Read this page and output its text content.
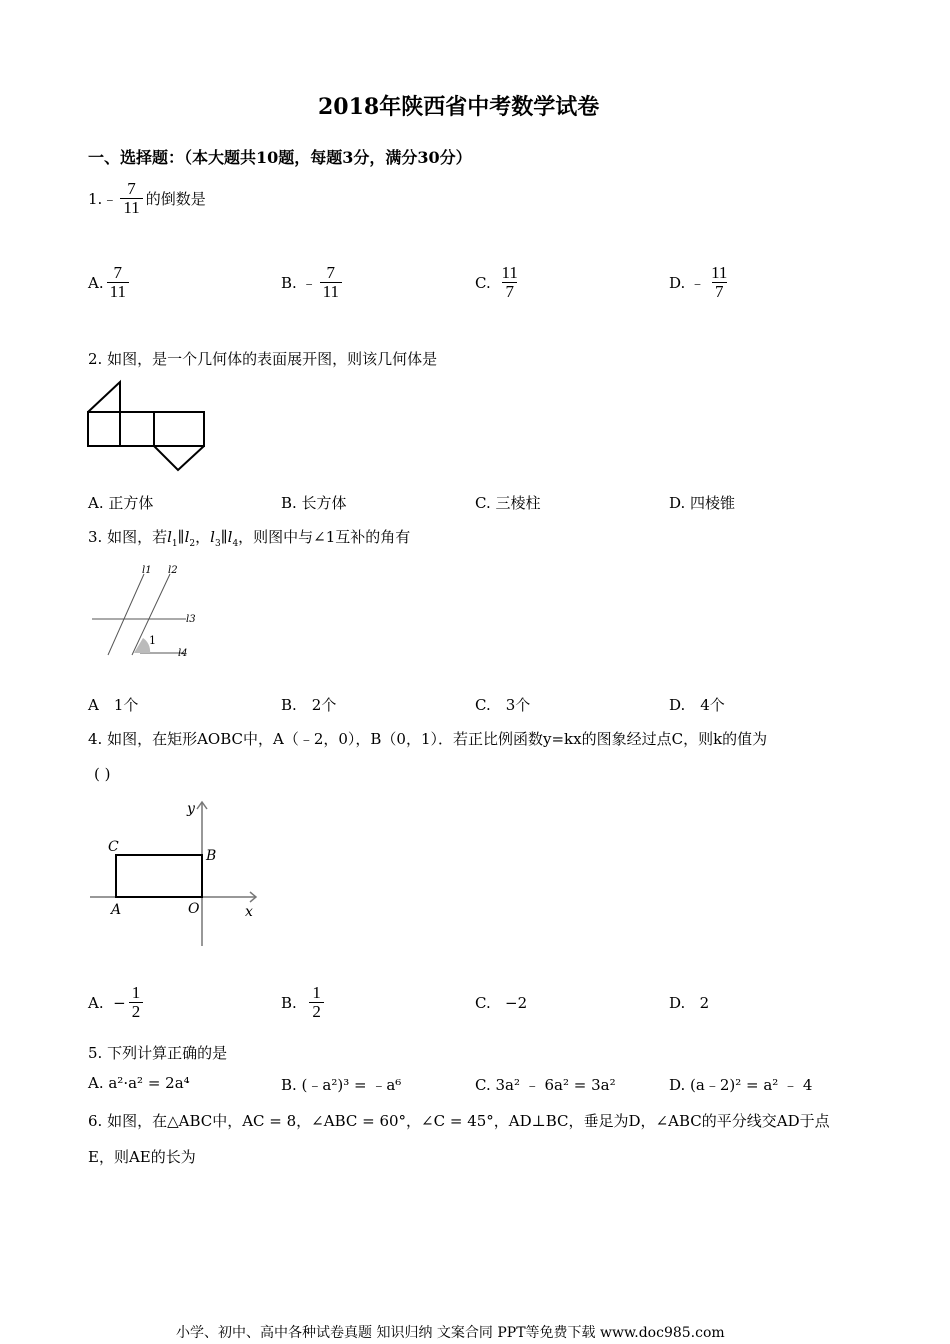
2018年陕西省中考数学试卷
一、选择题：（本大题共10题，每题3分，满分30分）
1. ﹣ $\frac{7}{11}$ 的倒数是
A. $\frac{7}{11}$	B.
﹣ $\frac{7}{11}$	C.
$\frac{11}{7}$	D.
﹣ $\frac{11}{7}$
2. 如图，是一个几何体的表面展开图，则该几何体是
A. 正方体	B. 长方体	C. 三棱柱	D. 四棱锥
3. 如图，若$l_1\parallel l_2$，$l_3\parallel l_4$，则图中与∠1互补的角有
l1 l2
l3
1
l4
A　1个	B.　2个	C.　3个	D.　4个
4. 如图，在矩形AOBC中，A（﹣2，0），B（0，1）．若正比例函数y=kx的图象经过点C，则k的值为
( )
y
x
C
B
A	O
A.
− $\frac{1}{2}$	B.
$\frac{1}{2}$	C. −2	D. 2
5. 下列计算正确的是
A. a²·a² = 2a⁴	B. (﹣a²)³ = ﹣a⁶	C. 3a² ﹣ 6a² = 3a²	D. (a﹣2)² = a² ﹣ 4
6. 如图，在△ABC中，AC = 8，∠ABC = 60°，∠C = 45°，AD⊥BC，垂足为D，∠ABC的平分线交AD于点
E，则AE的长为
小学、初中、高中各种试卷真题 知识归纳 文案合同 PPT等免费下载 www.doc985.com
